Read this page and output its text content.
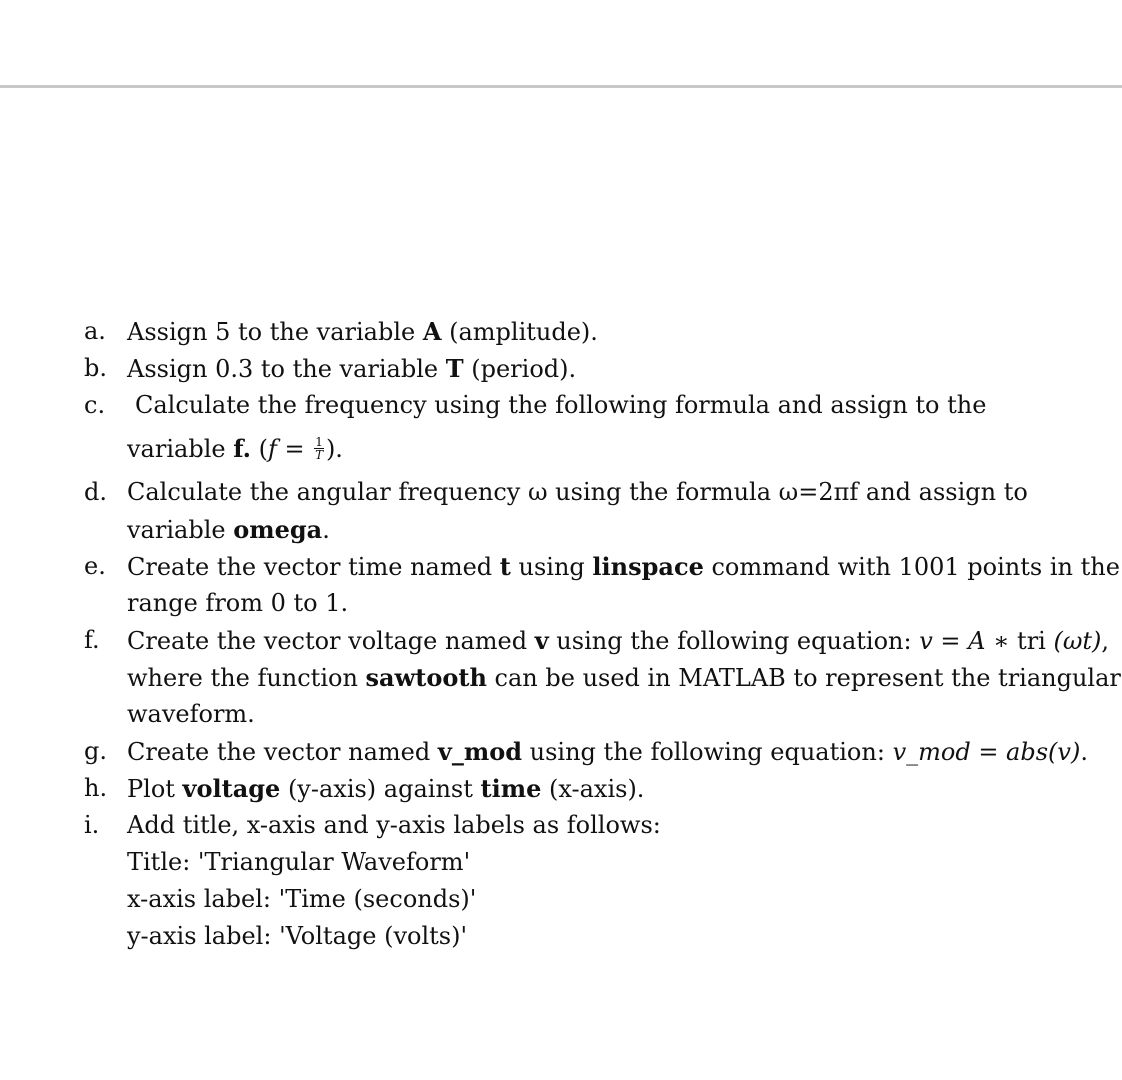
a. Assign 5 to the variable A (amplitude).
b. Assign 0.3 to the variable T (period).
c. Calculate the frequency using the following formula and assign to the
variable f. ($f = \frac{1}{T}$ ).
d. Calculate the angular frequency ω using the formula ω=2πf and assign to
variable omega.
e. Create the vector time named t using linspace command with 1001 points in the
range from 0 to 1.
f. Create the vector voltage named v using the following equation: v = A ∗ tri (ωt),
where the function sawtooth can be used in MATLAB to represent the triangular
waveform.
g. Create the vector named v_mod using the following equation: v_mod = abs(v).
h. Plot voltage (y-axis) against time (x-axis).
i. Add title, x-axis and y-axis labels as follows:
Title: 'Triangular Waveform'
x-axis label: 'Time (seconds)'
y-axis label: 'Voltage (volts)'
